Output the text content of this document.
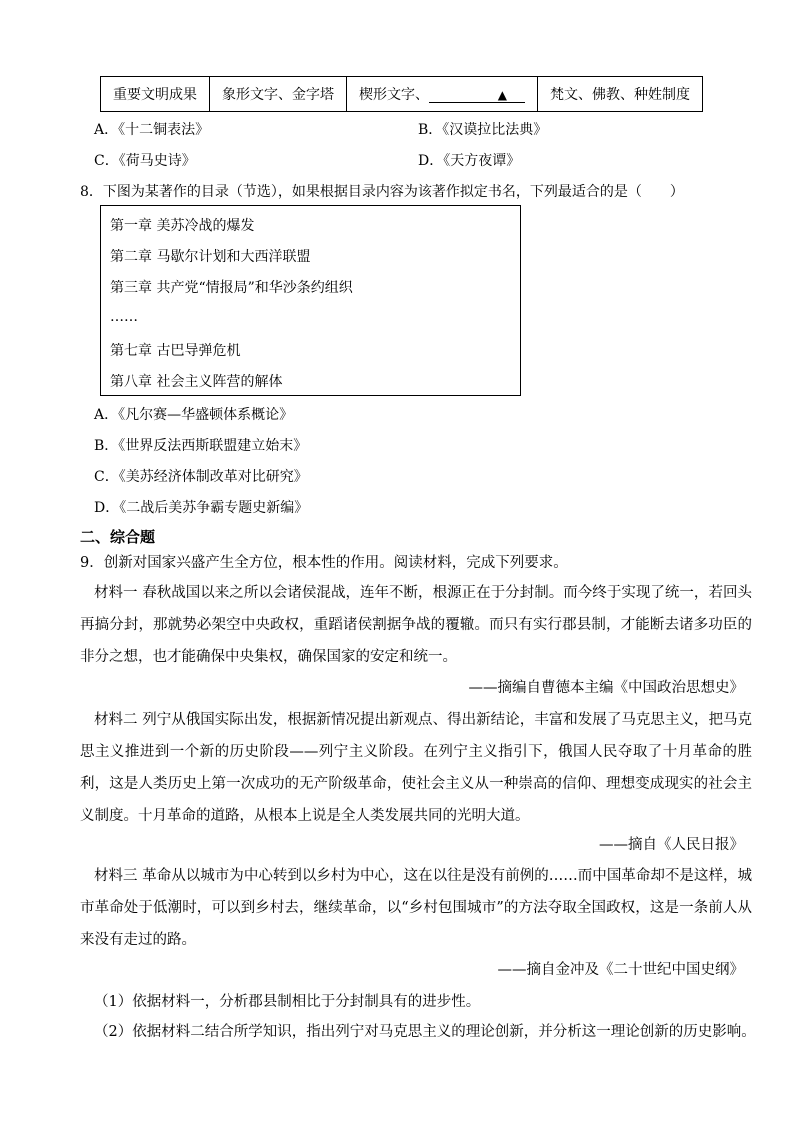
重要文明成果	象形文字、金字塔	楔形文字、	▲	梵文、佛教、种姓制度
A．《十二铜表法》	B．《汉谟拉比法典》
C．《荷马史诗》	D．《天方夜谭》
8．下图为某著作的目录（节选），如果根据目录内容为该著作拟定书名，下列最适合的是（　　）
第一章 美苏冷战的爆发
第二章 马歇尔计划和大西洋联盟
第三章 共产党“情报局”和华沙条约组织
……
第七章 古巴导弹危机
第八章 社会主义阵营的解体
A．《凡尔赛—华盛顿体系概论》
B．《世界反法西斯联盟建立始末》
C．《美苏经济体制改革对比研究》
D．《二战后美苏争霸专题史新编》
二、综合题
9．创新对国家兴盛产生全方位，根本性的作用。阅读材料，完成下列要求。
材料一 春秋战国以来之所以会诸侯混战，连年不断，根源正在于分封制。而今终于实现了统一，若回头再搞分封，那就势必架空中央政权，重蹈诸侯割据争战的覆辙。而只有实行郡县制，才能断去诸多功臣的非分之想，也才能确保中央集权，确保国家的安定和统一。
——摘编自曹德本主编《中国政治思想史》
材料二 列宁从俄国实际出发，根据新情况提出新观点、得出新结论，丰富和发展了马克思主义，把马克思主义推进到一个新的历史阶段——列宁主义阶段。在列宁主义指引下，俄国人民夺取了十月革命的胜利，这是人类历史上第一次成功的无产阶级革命，使社会主义从一种崇高的信仰、理想变成现实的社会主义制度。十月革命的道路，从根本上说是全人类发展共同的光明大道。
——摘自《人民日报》
材料三 革命从以城市为中心转到以乡村为中心，这在以往是没有前例的……而中国革命却不是这样，城市革命处于低潮时，可以到乡村去，继续革命，以“乡村包围城市”的方法夺取全国政权，这是一条前人从来没有走过的路。
——摘自金冲及《二十世纪中国史纲》
（1）依据材料一，分析郡县制相比于分封制具有的进步性。
（2）依据材料二结合所学知识，指出列宁对马克思主义的理论创新，并分析这一理论创新的历史影响。
